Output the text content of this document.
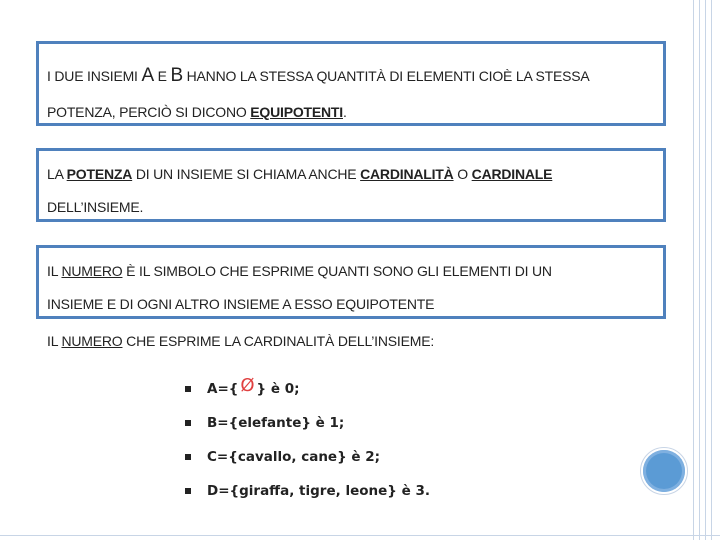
I DUE INSIEMI A E B HANNO LA STESSA QUANTITÀ DI ELEMENTI CIOÈ LA STESSA
POTENZA, PERCIÒ SI DICONO EQUIPOTENTI.
LA POTENZA DI UN INSIEME SI CHIAMA ANCHE CARDINALITÀ O CARDINALE
DELL’INSIEME.
IL NUMERO È IL SIMBOLO CHE ESPRIME QUANTI SONO GLI ELEMENTI DI UN
INSIEME E DI OGNI ALTRO INSIEME A ESSO EQUIPOTENTE
IL NUMERO CHE ESPRIME LA CARDINALITÀ DELL’INSIEME:
A={ Ø } è 0;
B={elefante} è 1;
C={cavallo, cane} è 2;
D={giraffa, tigre, leone} è 3.
